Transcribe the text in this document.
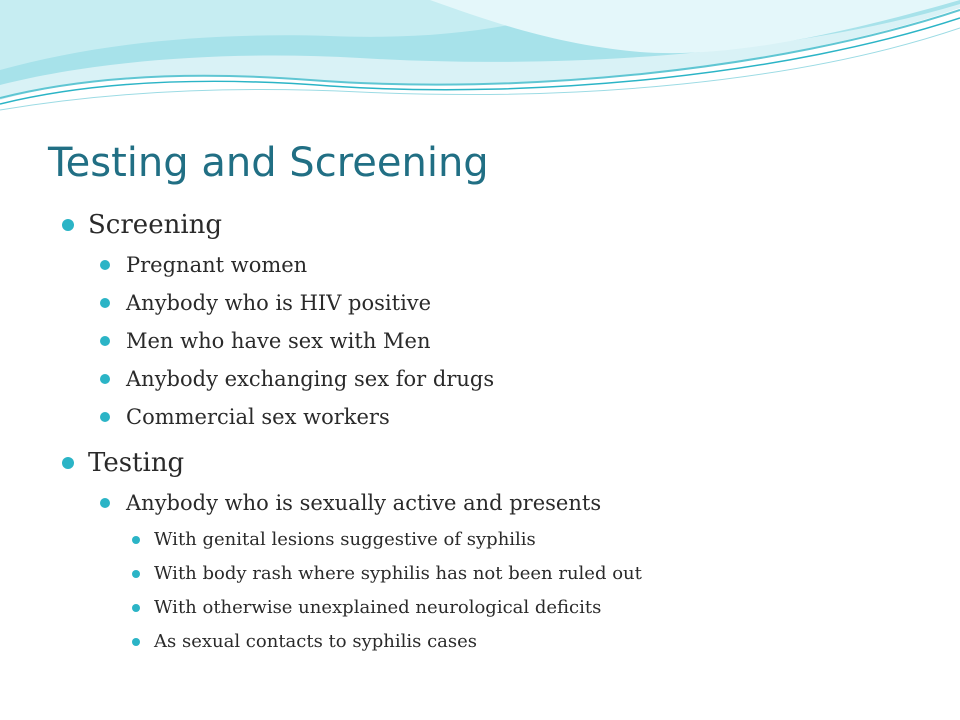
Testing and Screening
Screening
Pregnant women
Anybody who is HIV positive
Men who have sex with Men
Anybody exchanging sex for drugs
Commercial sex workers
Testing
Anybody who is sexually active and presents
With genital lesions suggestive of syphilis
With body rash where syphilis has not been ruled out
With otherwise unexplained neurological deficits
As sexual contacts to syphilis cases
